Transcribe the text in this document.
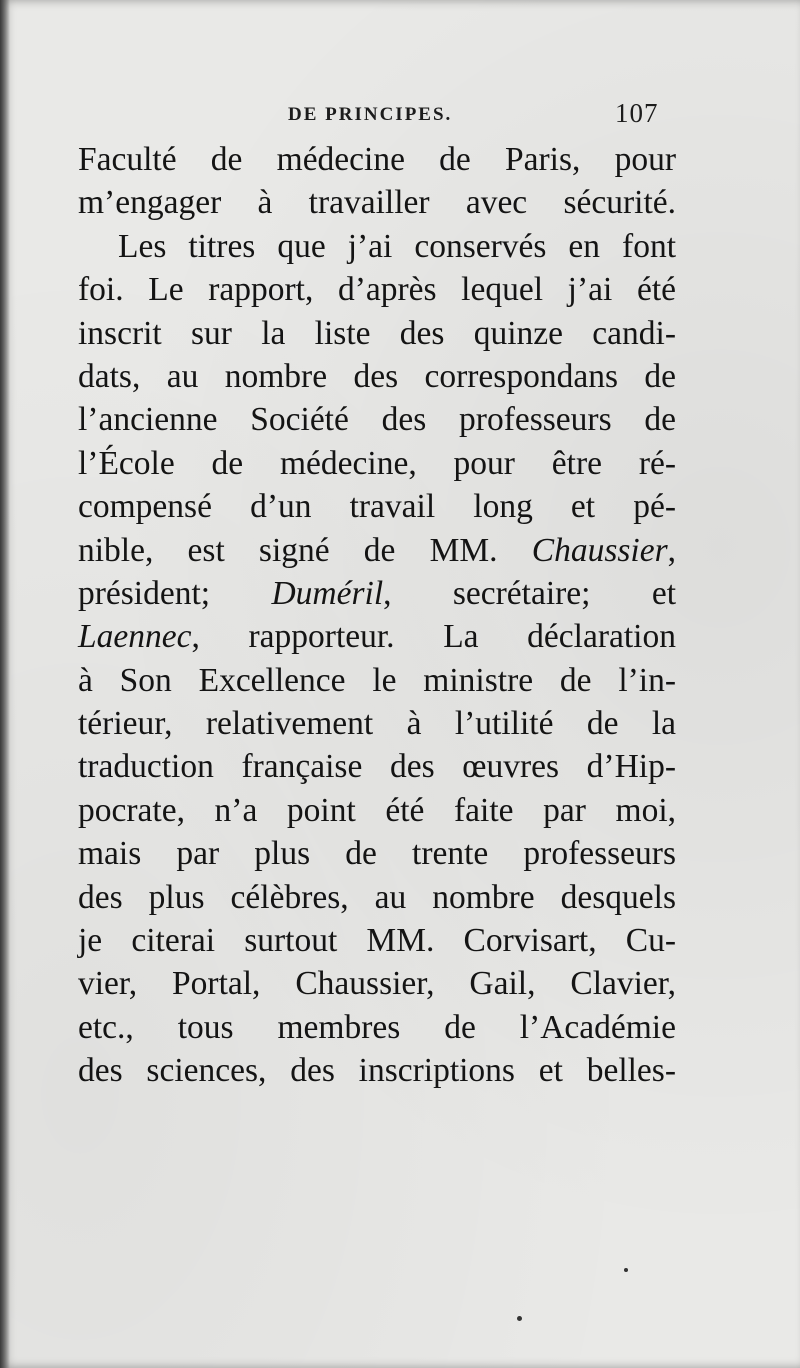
DE PRINCIPES.	107
Faculté de médecine de Paris, pour
m’engager à travailler avec sécurité.
Les titres que j’ai conservés en font
foi. Le rapport, d’après lequel j’ai été
inscrit sur la liste des quinze candi-
dats, au nombre des correspondans de
l’ancienne Société des professeurs de
l’École de médecine, pour être ré-
compensé d’un travail long et pé-
nible, est signé de MM. Chaussier,
président; Duméril, secrétaire; et
Laennec, rapporteur. La déclaration
à Son Excellence le ministre de l’in-
térieur, relativement à l’utilité de la
traduction française des œuvres d’Hip-
pocrate, n’a point été faite par moi,
mais par plus de trente professeurs
des plus célèbres, au nombre desquels
je citerai surtout MM. Corvisart, Cu-
vier, Portal, Chaussier, Gail, Clavier,
etc., tous membres de l’Académie
des sciences, des inscriptions et belles-
